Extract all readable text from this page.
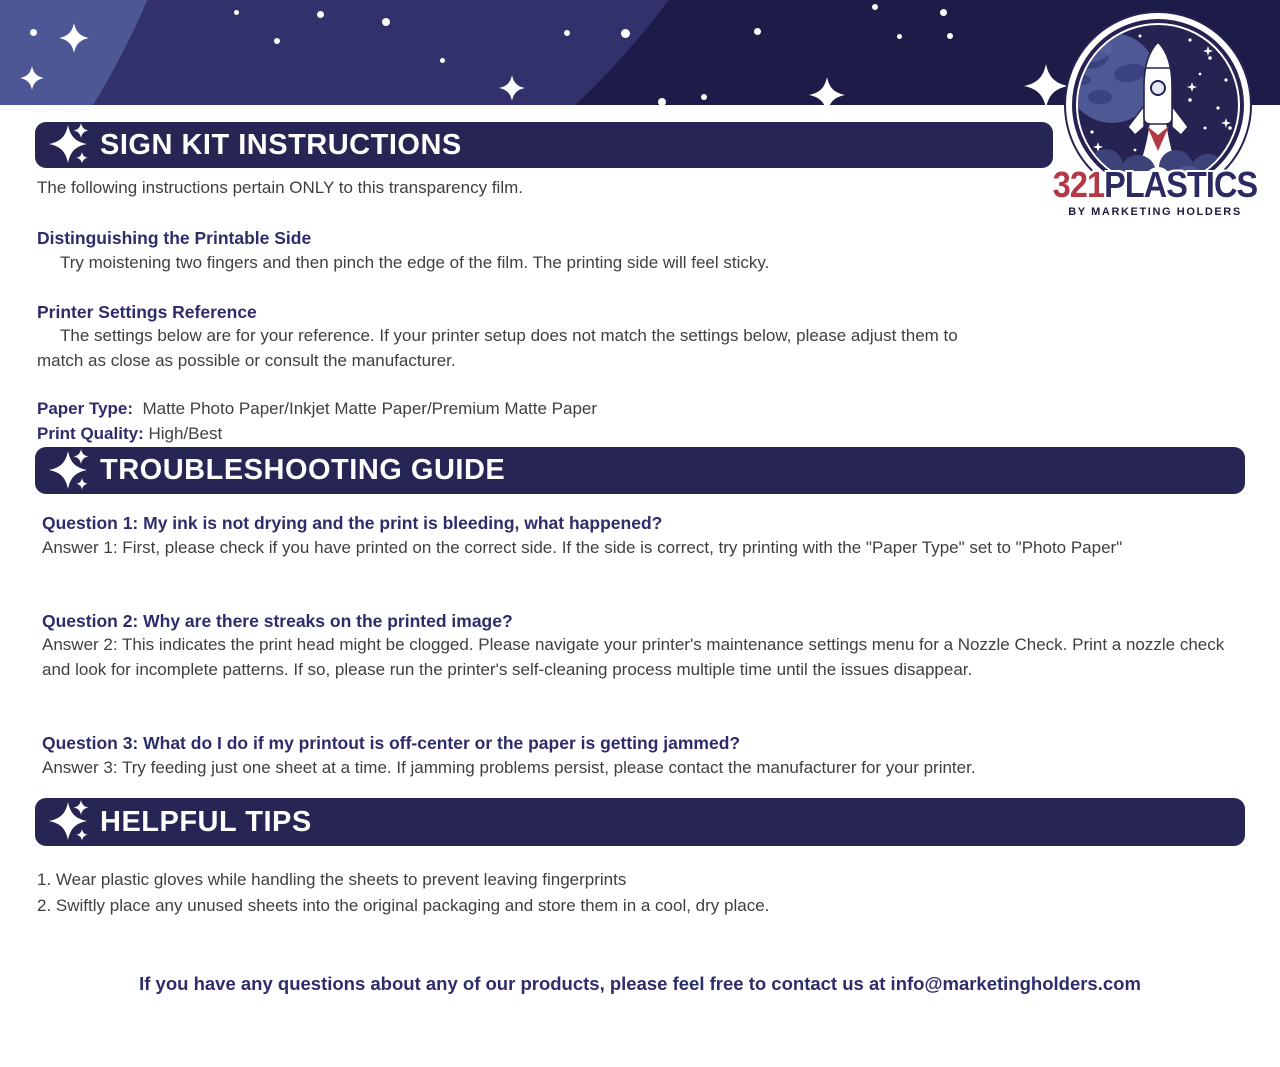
321PLASTICS
BY MARKETING HOLDERS
SIGN KIT INSTRUCTIONS
The following instructions pertain ONLY to this transparency film.
Distinguishing the Printable Side
Try moistening two fingers and then pinch the edge of the film. The printing side will feel sticky.
Printer Settings Reference
The settings below are for your reference. If your printer setup does not match the settings below, please adjust them to match as close as possible or consult the manufacturer.
Paper Type: Matte Photo Paper/Inkjet Matte Paper/Premium Matte Paper
Print Quality: High/Best
TROUBLESHOOTING GUIDE
Question 1: My ink is not drying and the print is bleeding, what happened?
Answer 1: First, please check if you have printed on the correct side. If the side is correct, try printing with the "Paper Type" set to "Photo Paper"
Question 2: Why are there streaks on the printed image?
Answer 2: This indicates the print head might be clogged. Please navigate your printer's maintenance settings menu for a Nozzle Check. Print a nozzle check and look for incomplete patterns. If so, please run the printer's self-cleaning process multiple time until the issues disappear.
Question 3: What do I do if my printout is off-center or the paper is getting jammed?
Answer 3: Try feeding just one sheet at a time. If jamming problems persist, please contact the manufacturer for your printer.
HELPFUL TIPS
1. Wear plastic gloves while handling the sheets to prevent leaving fingerprints
2. Swiftly place any unused sheets into the original packaging and store them in a cool, dry place.
If you have any questions about any of our products, please feel free to contact us at info@marketingholders.com
